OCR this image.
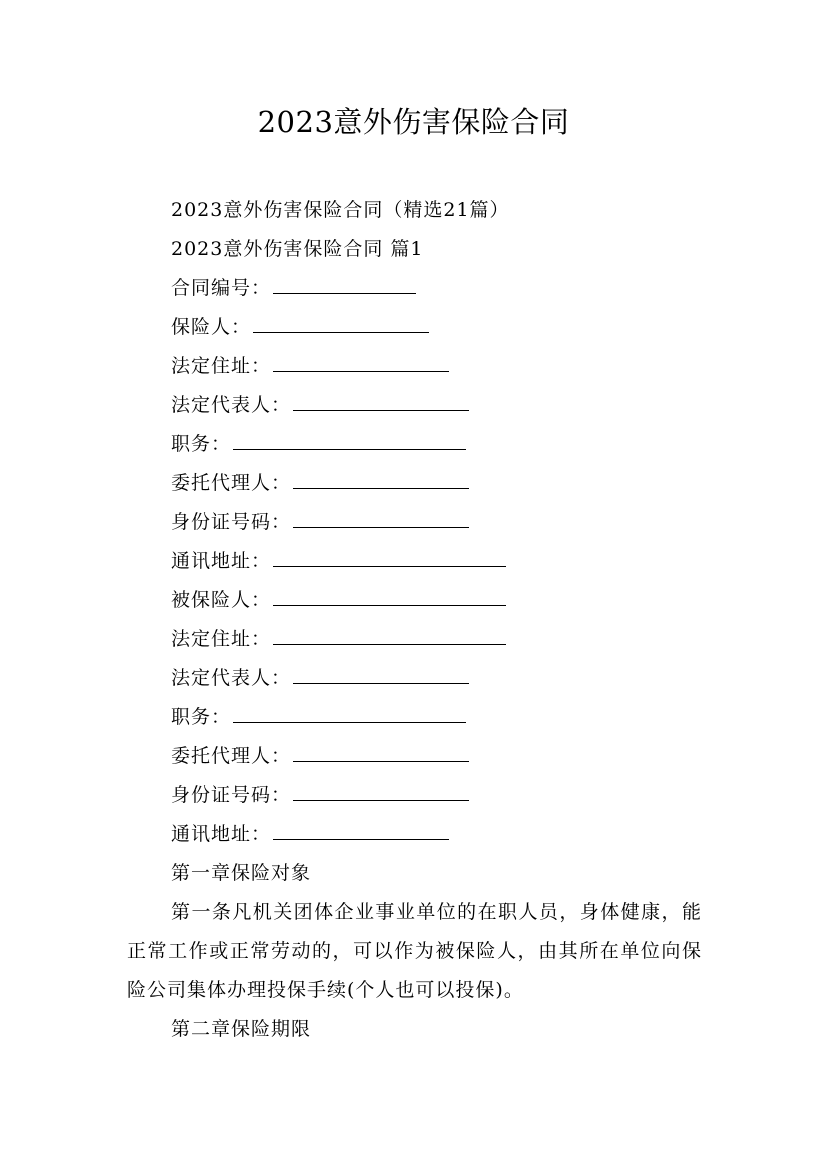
2023意外伤害保险合同
2023意外伤害保险合同（精选21篇）
2023意外伤害保险合同 篇1
合同编号：
保险人：
法定住址：
法定代表人：
职务：
委托代理人：
身份证号码：
通讯地址：
被保险人：
法定住址：
法定代表人：
职务：
委托代理人：
身份证号码：
通讯地址：
第一章保险对象
第一条凡机关团体企业事业单位的在职人员，身体健康，能正常工作或正常劳动的，可以作为被保险人，由其所在单位向保险公司集体办理投保手续(个人也可以投保)。
第二章保险期限
